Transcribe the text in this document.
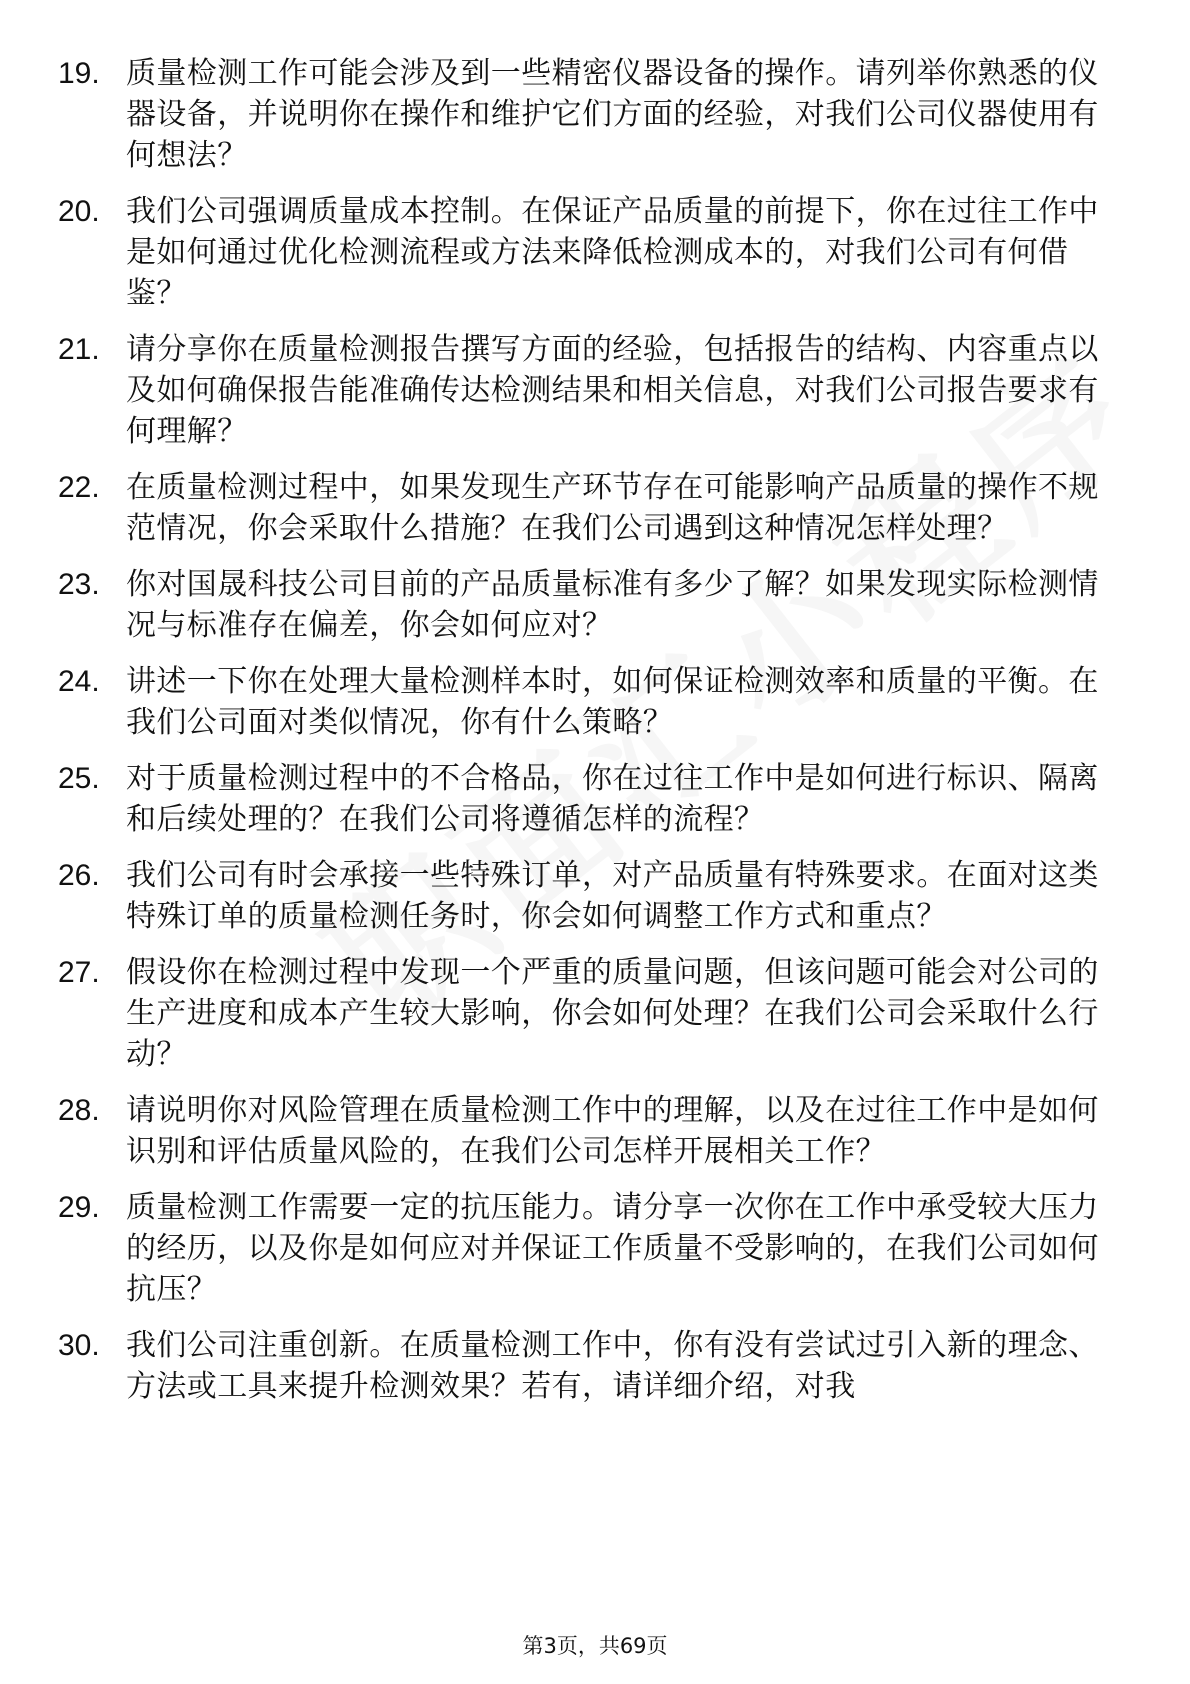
19. 质量检测工作可能会涉及到一些精密仪器设备的操作。请列举你熟悉的仪器设备，并说明你在操作和维护它们方面的经验，对我们公司仪器使用有何想法？
20. 我们公司强调质量成本控制。在保证产品质量的前提下，你在过往工作中是如何通过优化检测流程或方法来降低检测成本的，对我们公司有何借鉴？
21. 请分享你在质量检测报告撰写方面的经验，包括报告的结构、内容重点以及如何确保报告能准确传达检测结果和相关信息，对我们公司报告要求有何理解？
22. 在质量检测过程中，如果发现生产环节存在可能影响产品质量的操作不规范情况，你会采取什么措施？在我们公司遇到这种情况怎样处理？
23. 你对国晟科技公司目前的产品质量标准有多少了解？如果发现实际检测情况与标准存在偏差，你会如何应对？
24. 讲述一下你在处理大量检测样本时，如何保证检测效率和质量的平衡。在我们公司面对类似情况，你有什么策略？
25. 对于质量检测过程中的不合格品，你在过往工作中是如何进行标识、隔离和后续处理的？在我们公司将遵循怎样的流程？
26. 我们公司有时会承接一些特殊订单，对产品质量有特殊要求。在面对这类特殊订单的质量检测任务时，你会如何调整工作方式和重点？
27. 假设你在检测过程中发现一个严重的质量问题，但该问题可能会对公司的生产进度和成本产生较大影响，你会如何处理？在我们公司会采取什么行动？
28. 请说明你对风险管理在质量检测工作中的理解，以及在过往工作中是如何识别和评估质量风险的，在我们公司怎样开展相关工作？
29. 质量检测工作需要一定的抗压能力。请分享一次你在工作中承受较大压力的经历，以及你是如何应对并保证工作质量不受影响的，在我们公司如何抗压？
30. 我们公司注重创新。在质量检测工作中，你有没有尝试过引入新的理念、方法或工具来提升检测效果？若有，请详细介绍，对我
第3页，共69页
